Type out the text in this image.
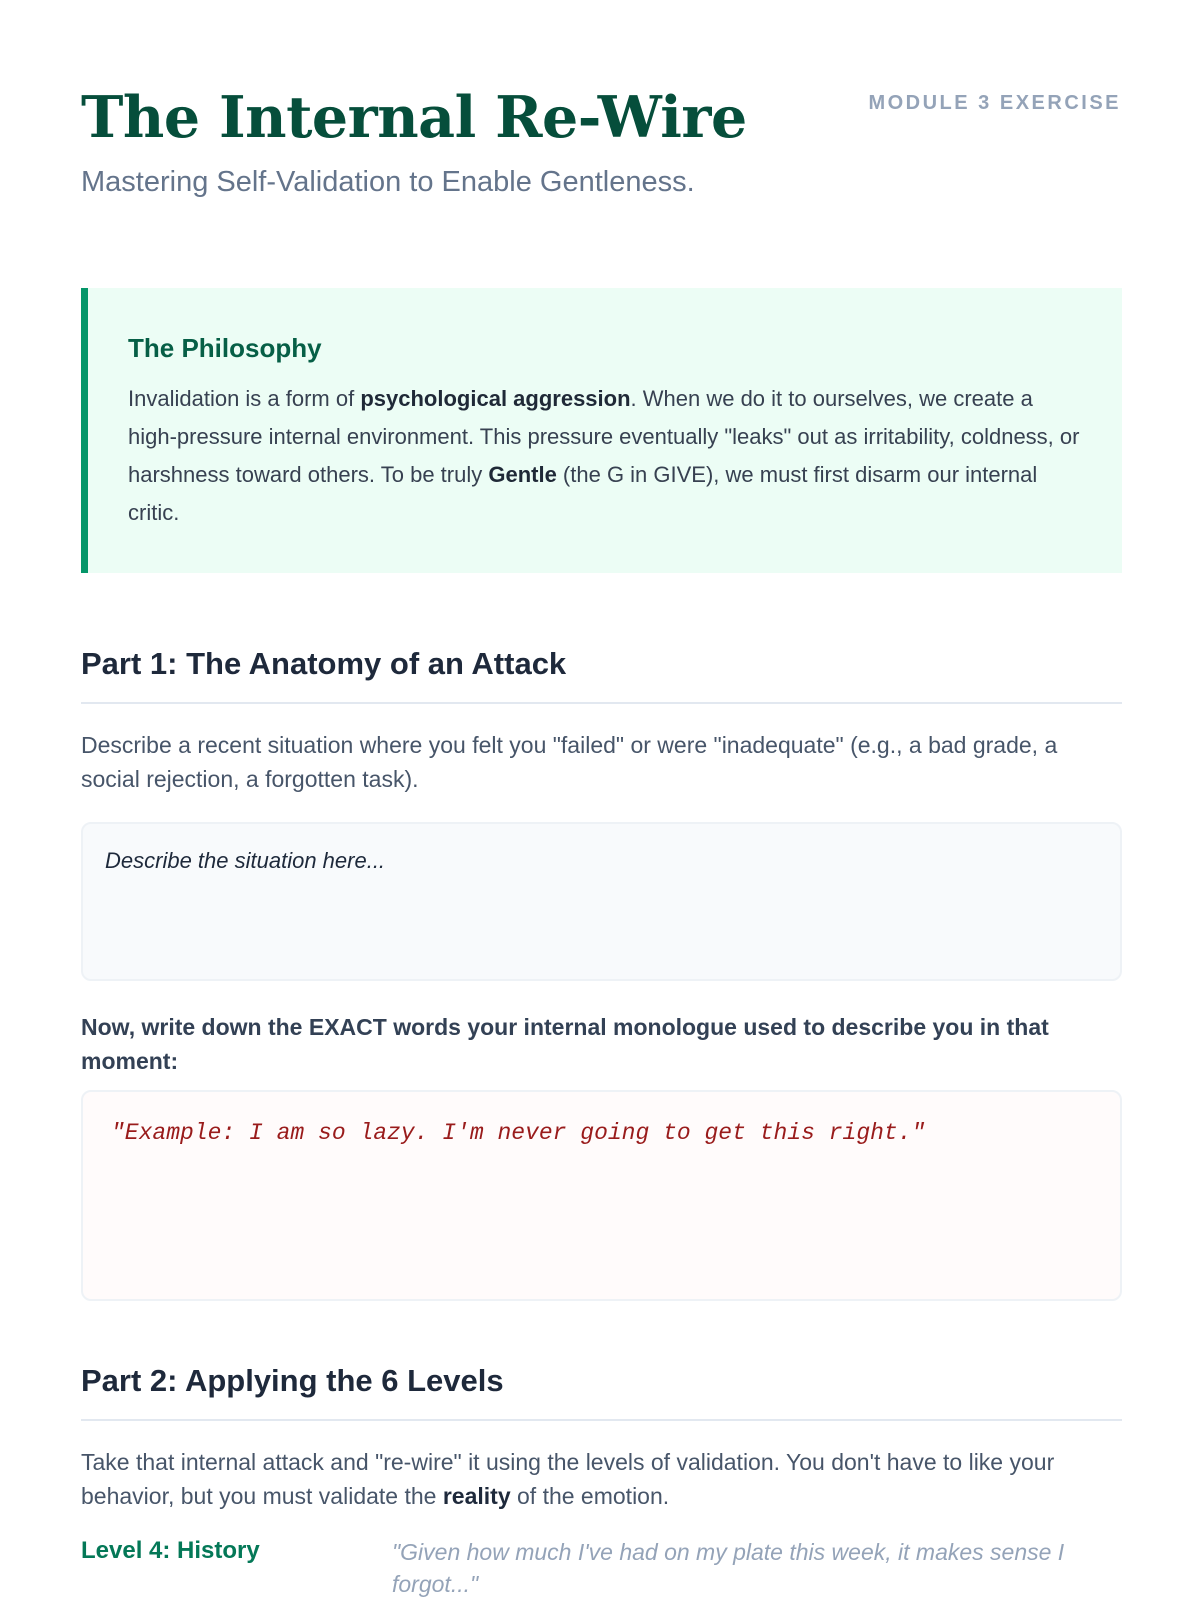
The Internal Re-Wire
Mastering Self-Validation to Enable Gentleness.
MODULE 3 EXERCISE
The Philosophy

Invalidation is a form of psychological aggression. When we do it to ourselves, we create a high-pressure internal environment. This pressure eventually "leaks" out as irritability, coldness, or harshness toward others. To be truly Gentle (the G in GIVE), we must first disarm our internal critic.

Part 1: The Anatomy of an Attack
Describe a recent situation where you felt you "failed" or were "inadequate" (e.g., a bad grade, a social rejection, a forgotten task).
Describe the situation here...
Now, write down the EXACT words your internal monologue used to describe you in that moment:
"Example: I am so lazy. I'm never going to get this right."
Part 2: Applying the 6 Levels
Take that internal attack and "re-wire" it using the levels of validation. You don't have to like your behavior, but you must validate the reality of the emotion.
Level 4: History	"Given how much I've had on my plate this week, it makes sense I forgot..."
